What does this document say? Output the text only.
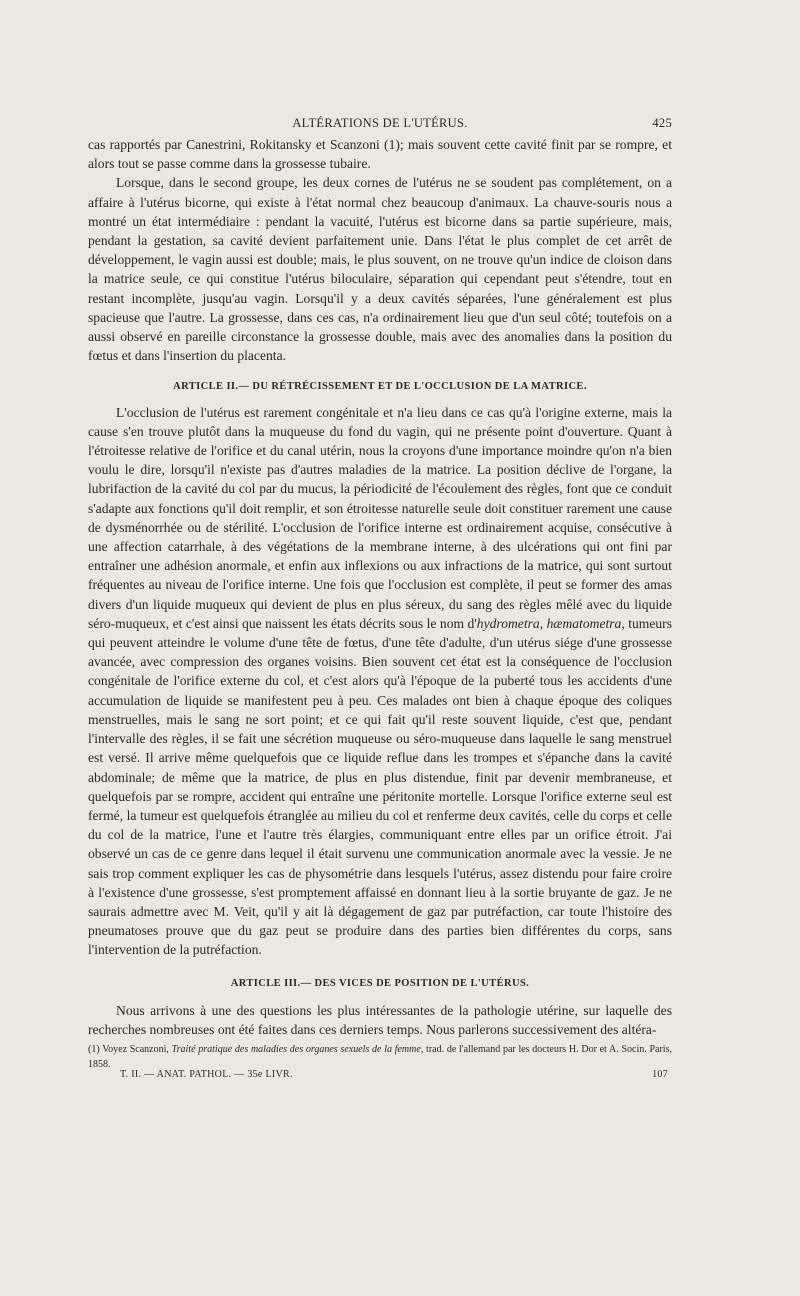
ALTÉRATIONS DE L'UTÉRUS.	425

cas rapportés par Canestrini, Rokitansky et Scanzoni (1); mais souvent cette cavité finit par se rompre, et alors tout se passe comme dans la grossesse tubaire.

Lorsque, dans le second groupe, les deux cornes de l'utérus ne se soudent pas complétement, on a affaire à l'utérus bicorne, qui existe à l'état normal chez beaucoup d'animaux. La chauve-souris nous a montré un état intermédiaire : pendant la vacuité, l'utérus est bicorne dans sa partie supérieure, mais, pendant la gestation, sa cavité devient parfaitement unie. Dans l'état le plus complet de cet arrêt de développement, le vagin aussi est double; mais, le plus souvent, on ne trouve qu'un indice de cloison dans la matrice seule, ce qui constitue l'utérus biloculaire, séparation qui cependant peut s'étendre, tout en restant incomplète, jusqu'au vagin. Lorsqu'il y a deux cavités séparées, l'une généralement est plus spacieuse que l'autre. La grossesse, dans ces cas, n'a ordinairement lieu que d'un seul côté; toutefois on a aussi observé en pareille circonstance la grossesse double, mais avec des anomalies dans la position du fœtus et dans l'insertion du placenta.

ARTICLE II.— DU RÉTRÉCISSEMENT ET DE L'OCCLUSION DE LA MATRICE.

L'occlusion de l'utérus est rarement congénitale et n'a lieu dans ce cas qu'à l'origine externe, mais la cause s'en trouve plutôt dans la muqueuse du fond du vagin, qui ne présente point d'ouverture. Quant à l'étroitesse relative de l'orifice et du canal utérin, nous la croyons d'une importance moindre qu'on n'a bien voulu le dire, lorsqu'il n'existe pas d'autres maladies de la matrice. La position déclive de l'organe, la lubrifaction de la cavité du col par du mucus, la périodicité de l'écoulement des règles, font que ce conduit s'adapte aux fonctions qu'il doit remplir, et son étroitesse naturelle seule doit constituer rarement une cause de dysménorrhée ou de stérilité. L'occlusion de l'orifice interne est ordinairement acquise, consécutive à une affection catarrhale, à des végétations de la membrane interne, à des ulcérations qui ont fini par entraîner une adhésion anormale, et enfin aux inflexions ou aux infractions de la matrice, qui sont surtout fréquentes au niveau de l'orifice interne. Une fois que l'occlusion est complète, il peut se former des amas divers d'un liquide muqueux qui devient de plus en plus séreux, du sang des règles mêlé avec du liquide séro-muqueux, et c'est ainsi que naissent les états décrits sous le nom d'hydrometra, hæmatometra, tumeurs qui peuvent atteindre le volume d'une tête de fœtus, d'une tête d'adulte, d'un utérus siége d'une grossesse avancée, avec compression des organes voisins. Bien souvent cet état est la conséquence de l'occlusion congénitale de l'orifice externe du col, et c'est alors qu'à l'époque de la puberté tous les accidents d'une accumulation de liquide se manifestent peu à peu. Ces malades ont bien à chaque époque des coliques menstruelles, mais le sang ne sort point; et ce qui fait qu'il reste souvent liquide, c'est que, pendant l'intervalle des règles, il se fait une sécrétion muqueuse ou séro-muqueuse dans laquelle le sang menstruel est versé. Il arrive même quelquefois que ce liquide reflue dans les trompes et s'épanche dans la cavité abdominale; de même que la matrice, de plus en plus distendue, finit par devenir membraneuse, et quelquefois par se rompre, accident qui entraîne une péritonite mortelle. Lorsque l'orifice externe seul est fermé, la tumeur est quelquefois étranglée au milieu du col et renferme deux cavités, celle du corps et celle du col de la matrice, l'une et l'autre très élargies, communiquant entre elles par un orifice étroit. J'ai observé un cas de ce genre dans lequel il était survenu une communication anormale avec la vessie. Je ne sais trop comment expliquer les cas de physométrie dans lesquels l'utérus, assez distendu pour faire croire à l'existence d'une grossesse, s'est promptement affaissé en donnant lieu à la sortie bruyante de gaz. Je ne saurais admettre avec M. Veit, qu'il y ait là dégagement de gaz par putréfaction, car toute l'histoire des pneumatoses prouve que du gaz peut se produire dans des parties bien différentes du corps, sans l'intervention de la putréfaction.

ARTICLE III.— DES VICES DE POSITION DE L'UTÉRUS.

Nous arrivons à une des questions les plus intéressantes de la pathologie utérine, sur laquelle des recherches nombreuses ont été faites dans ces derniers temps. Nous parlerons successivement des altéra-

(1) Voyez Scanzoni, Traité pratique des maladies des organes sexuels de la femme, trad. de l'allemand par les docteurs H. Dor et A. Socin. Paris, 1858.
T. II. — ANAT. PATHOL. — 35e LIVR.	107
